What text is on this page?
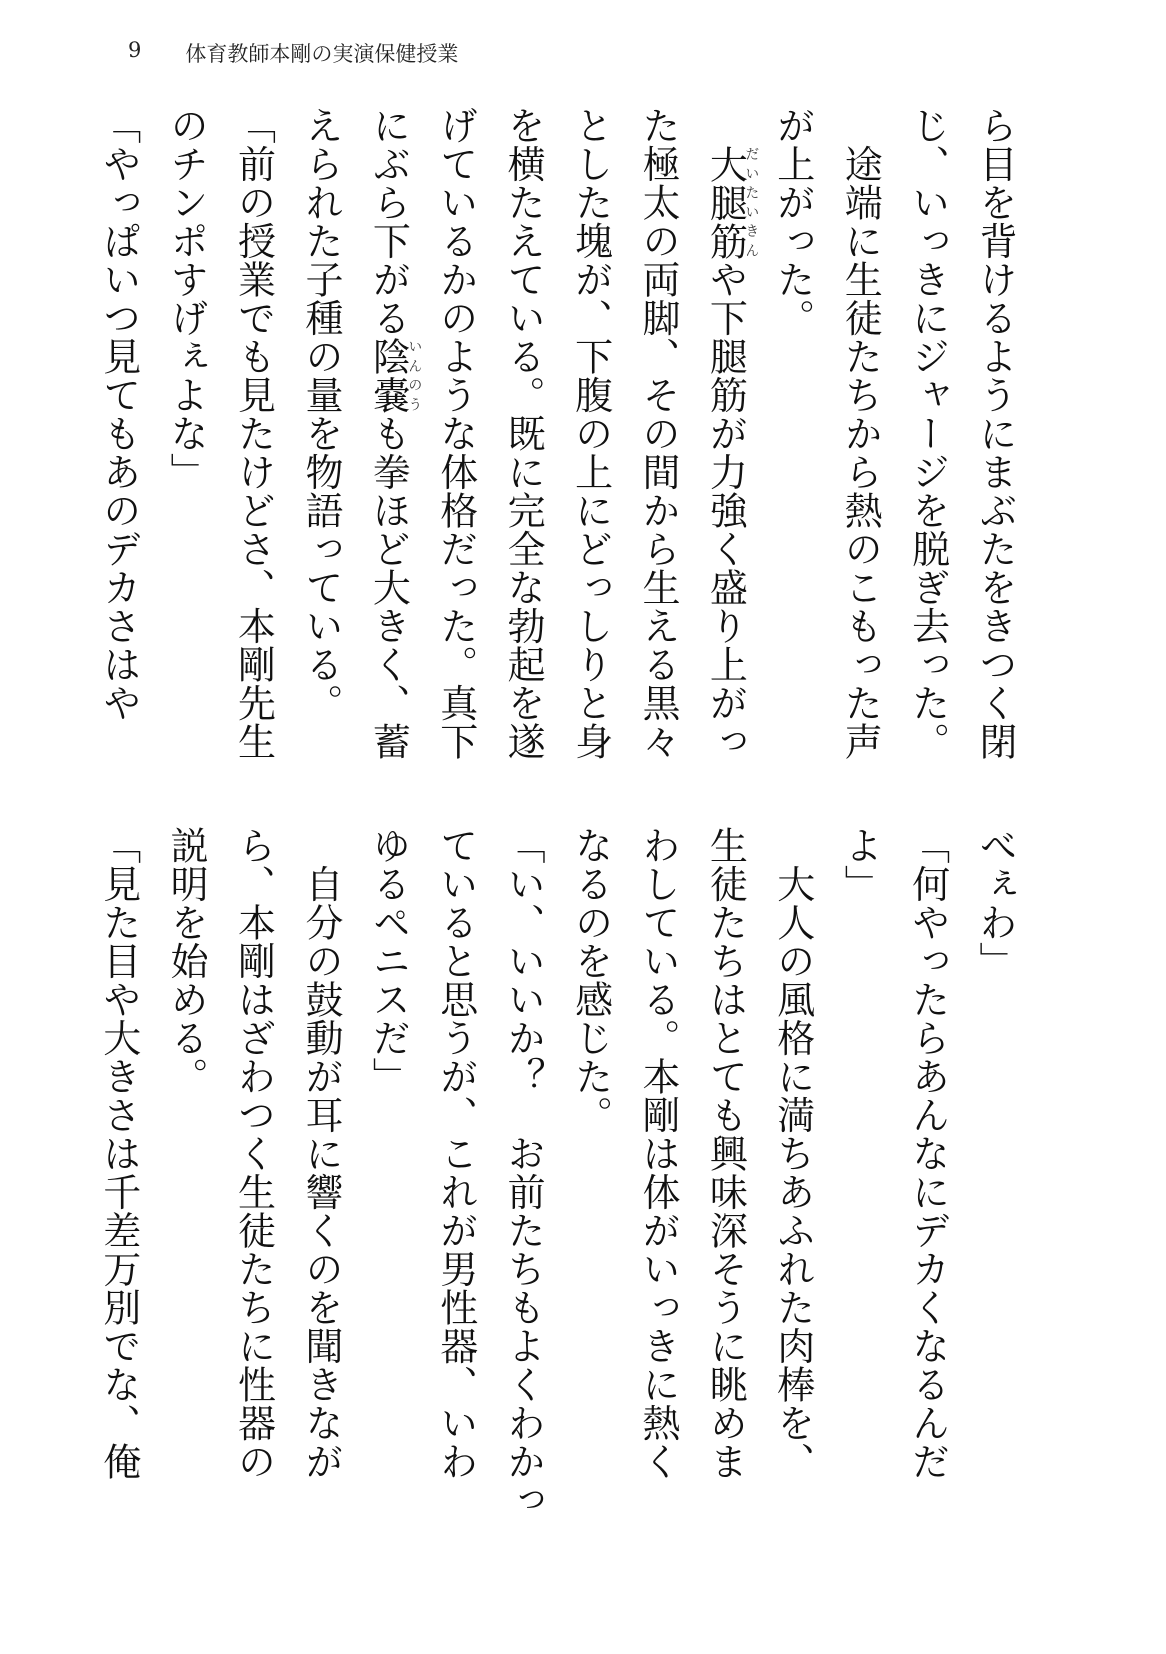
9 体育教師本剛の実演保健授業
ら目を背けるようにまぶたをきつく閉
じ、いっきにジャージを脱ぎ去った。
　途端に生徒たちから熱のこもった声
が上がった。
　大腿筋だいたいきんや下腿筋が力強く盛り上がっ
た極太の両脚、その間から生える黒々
とした塊が、下腹の上にどっしりと身
を横たえている。既に完全な勃起を遂
げているかのような体格だった。真下
にぶら下がる陰嚢いんのうも拳ほど大きく、蓄
えられた子種の量を物語っている。
「前の授業でも見たけどさ、本剛先生
のチンポすげぇよな」
「やっぱいつ見てもあのデカさはや
べぇわ」
「何やったらあんなにデカくなるんだ
よ」
　大人の風格に満ちあふれた肉棒を、
生徒たちはとても興味深そうに眺めま
わしている。本剛は体がいっきに熱く
なるのを感じた。
「い、いいか？　お前たちもよくわかっ
ていると思うが、これが男性器、いわ
ゆるペニスだ」
　自分の鼓動が耳に響くのを聞きなが
ら、本剛はざわつく生徒たちに性器の
説明を始める。
「見た目や大きさは千差万別でな、俺
